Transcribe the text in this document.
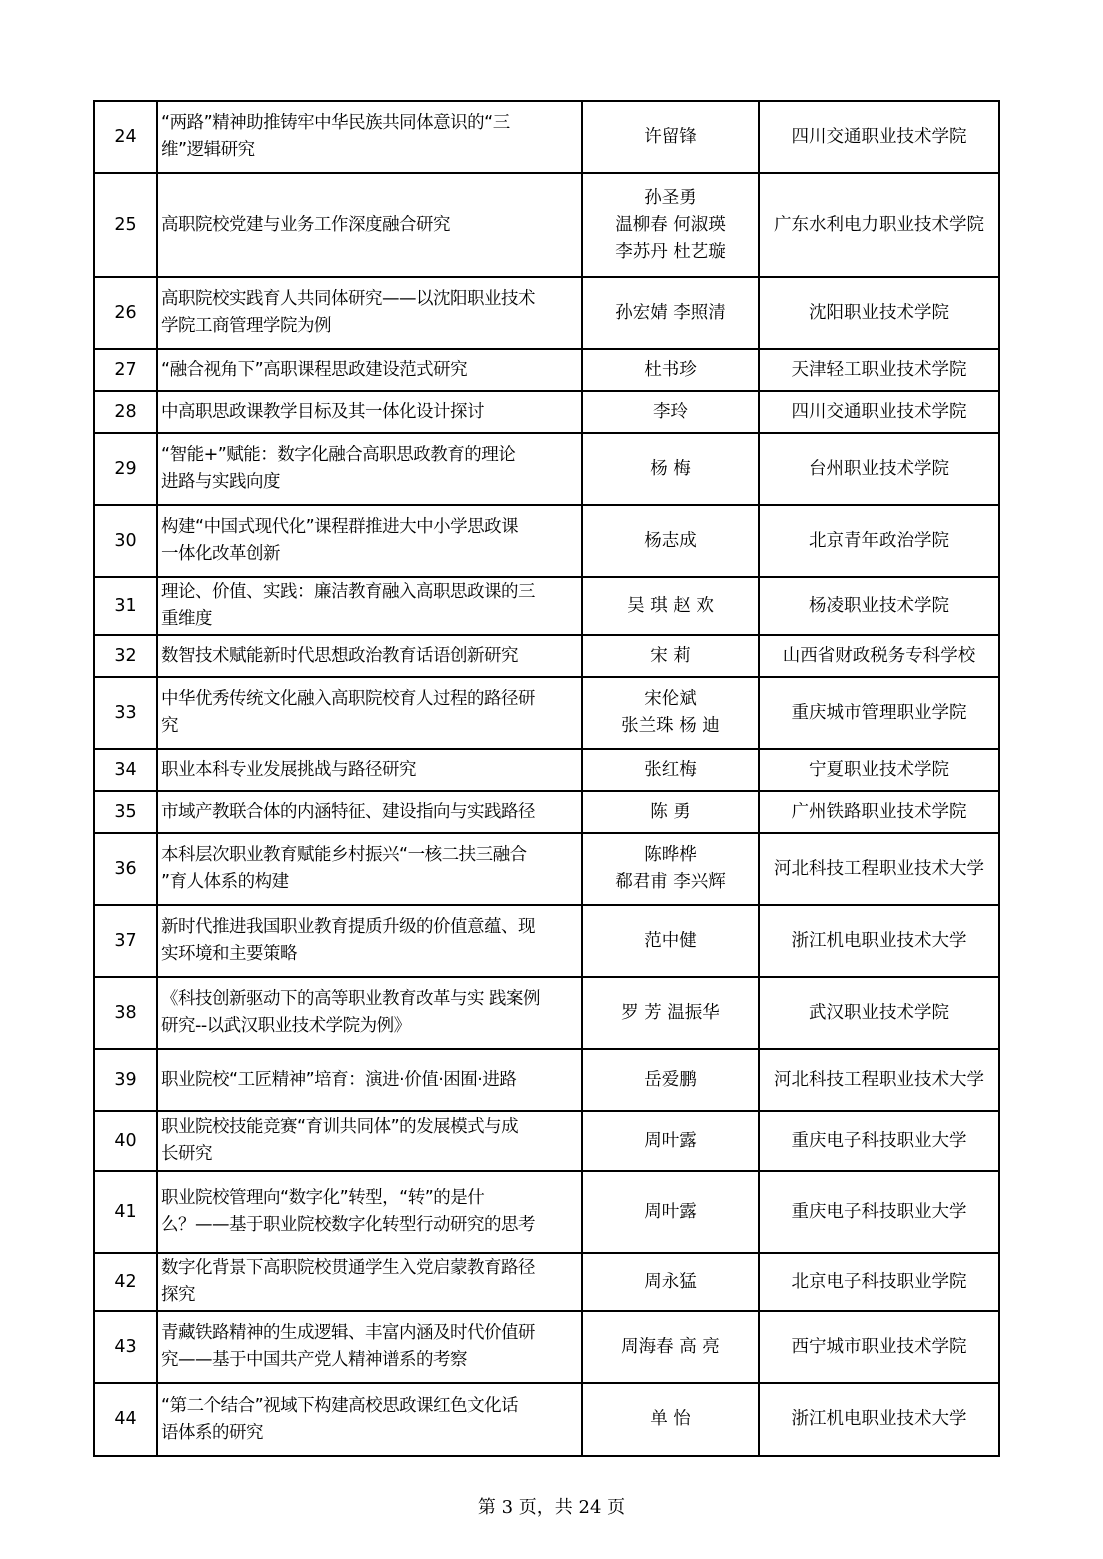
24	“两路”精神助推铸牢中华民族共同体意识的“三
维”逻辑研究	许留锋	四川交通职业技术学院
25	高职院校党建与业务工作深度融合研究	孙圣勇
温柳春 何淑瑛
李苏丹 杜艺璇	广东水利电力职业技术学院
26	高职院校实践育人共同体研究——以沈阳职业技术
学院工商管理学院为例	孙宏婧 李照清	沈阳职业技术学院
27	“融合视角下”高职课程思政建设范式研究	杜书珍	天津轻工职业技术学院
28	中高职思政课教学目标及其一体化设计探讨	李玲	四川交通职业技术学院
29	“智能+”赋能：数字化融合高职思政教育的理论
进路与实践向度	杨 梅	台州职业技术学院
30	构建“中国式现代化”课程群推进大中小学思政课
一体化改革创新	杨志成	北京青年政治学院
31	理论、价值、实践：廉洁教育融入高职思政课的三
重维度	吴 琪 赵 欢	杨凌职业技术学院
32	数智技术赋能新时代思想政治教育话语创新研究	宋 莉	山西省财政税务专科学校
33	中华优秀传统文化融入高职院校育人过程的路径研
究	宋伦斌
张兰珠 杨 迪	重庆城市管理职业学院
34	职业本科专业发展挑战与路径研究	张红梅	宁夏职业技术学院
35	市域产教联合体的内涵特征、建设指向与实践路径	陈 勇	广州铁路职业技术学院
36	本科层次职业教育赋能乡村振兴“一核二扶三融合
”育人体系的构建	陈晔桦
郗君甫 李兴辉	河北科技工程职业技术大学
37	新时代推进我国职业教育提质升级的价值意蕴、现
实环境和主要策略	范中健	浙江机电职业技术大学
38	《科技创新驱动下的高等职业教育改革与实 践案例
研究--以武汉职业技术学院为例》	罗 芳 温振华	武汉职业技术学院
39	职业院校“工匠精神”培育：演进·价值·困囿·进路	岳爱鹏	河北科技工程职业技术大学
40	职业院校技能竞赛“育训共同体”的发展模式与成
长研究	周叶露	重庆电子科技职业大学
41	职业院校管理向“数字化”转型，“转”的是什
么？——基于职业院校数字化转型行动研究的思考	周叶露	重庆电子科技职业大学
42	数字化背景下高职院校贯通学生入党启蒙教育路径
探究	周永猛	北京电子科技职业学院
43	青藏铁路精神的生成逻辑、丰富内涵及时代价值研
究——基于中国共产党人精神谱系的考察	周海春 高 亮	西宁城市职业技术学院
44	“第二个结合”视域下构建高校思政课红色文化话
语体系的研究	单 怡	浙江机电职业技术大学
第 3 页，共 24 页
